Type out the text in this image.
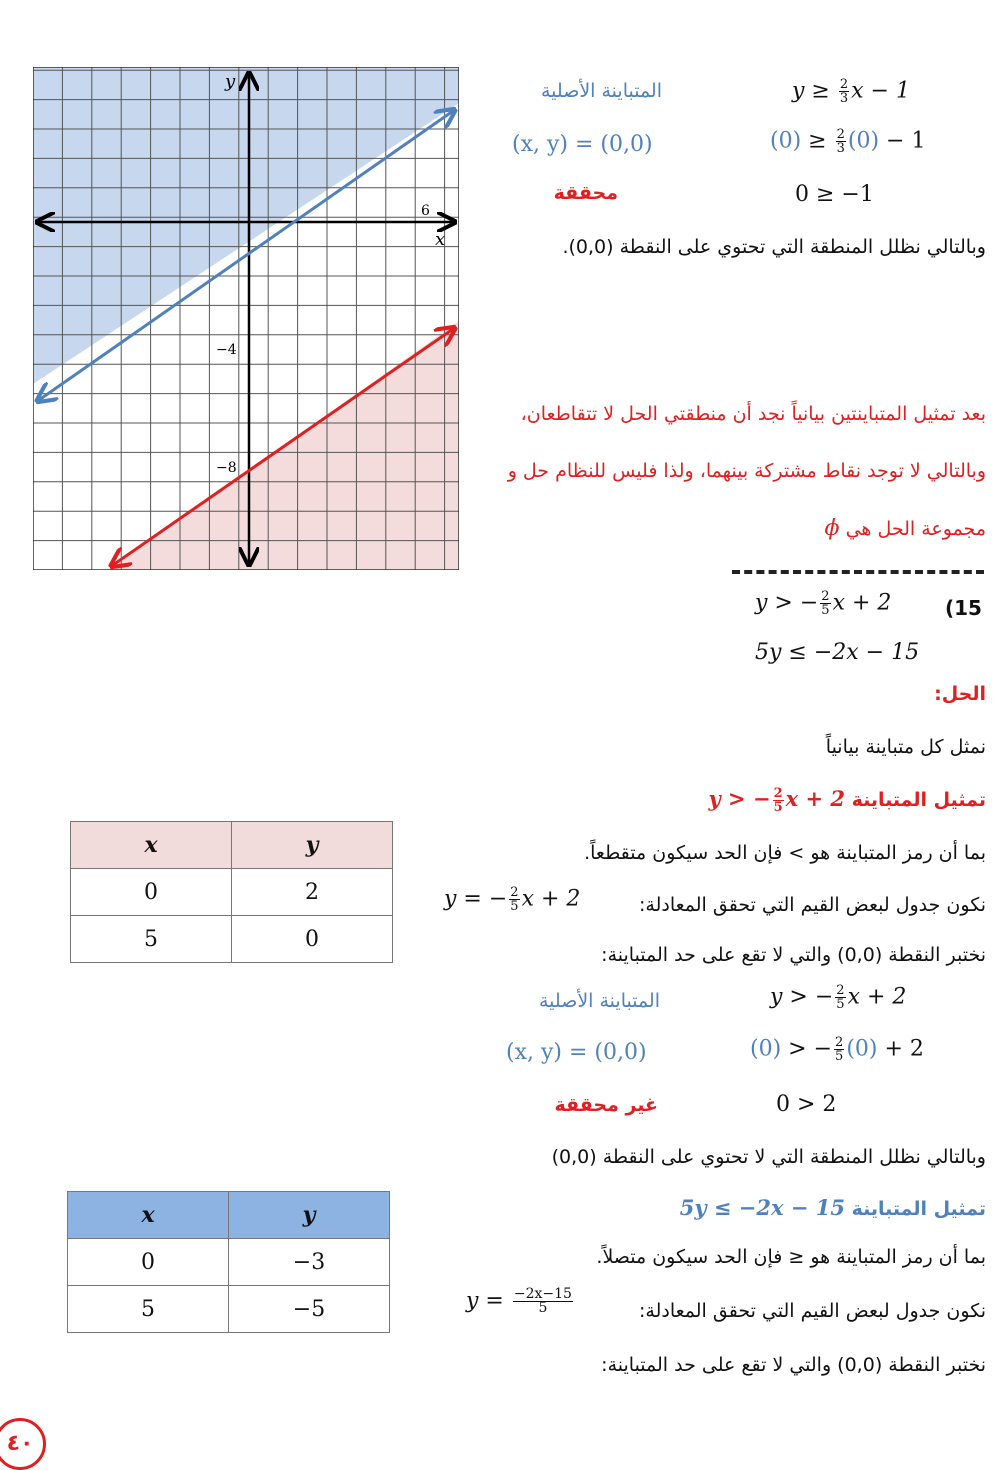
y
x
6
−4
−8
$y \ge \frac{2}{3}$ x − 1
المتباينة الأصلية
(x, y) = (0,0)	$(0) \ge \frac{2}{3} (0) - 1$
محققة	0 ≥ −1
وبالتالي نظلل المنطقة التي تحتوي على النقطة (0,0).
بعد تمثيل المتباينتين بيانياً نجد أن منطقتي الحل لا تتقاطعان،
وبالتالي لا توجد نقاط مشتركة بينهما، ولذا فليس للنظام حل و
مجموعة الحل هي ϕ
y > − $\frac{2}{5}$ x + 2	(15
5y ≤ −2x − 15
الحل:
نمثل كل متباينة بيانياً
تمثيل المتباينة y > − $\frac{2}{5}$ x + 2
بما أن رمز المتباينة هو > فإن الحد سيكون متقطعاً.
نكون جدول لبعض القيم التي تحقق المعادلة:
y = − $\frac{2}{5}$ x + 2
نختبر النقطة (0,0) والتي لا تقع على حد المتباينة:
المتباينة الأصلية	y > − $\frac{2}{5}$ x + 2
(x, y) = (0,0)	(0) > − $\frac{2}{5} (0) + 2$
غير محققة	0 > 2
وبالتالي نظلل المنطقة التي لا تحتوي على النقطة (0,0)
تمثيل المتباينة 5y ≤ −2x − 15
بما أن رمز المتباينة هو ≤ فإن الحد سيكون متصلاً.
نكون جدول لبعض القيم التي تحقق المعادلة:
$y = \frac{-2x-15}{5}$
نختبر النقطة (0,0) والتي لا تقع على حد المتباينة:
x	y
0	2
5	0
x	y
0	−3
5	−5
٤٠
